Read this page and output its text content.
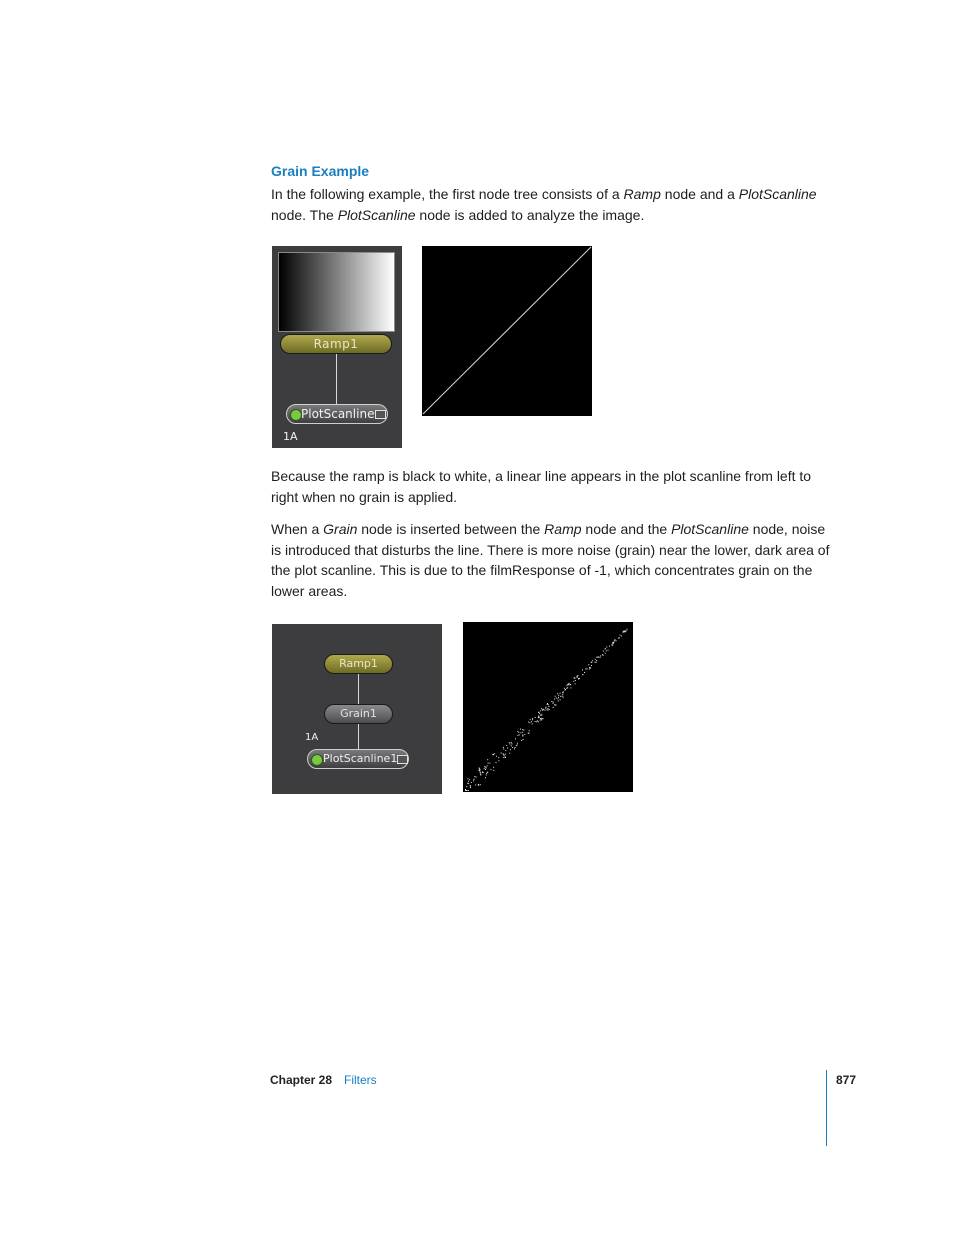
Grain Example

In the following example, the first node tree consists of a Ramp node and a PlotScanline node. The PlotScanline node is added to analyze the image.

Ramp1
PlotScanline
1A

Because the ramp is black to white, a linear line appears in the plot scanline from left to right when no grain is applied.

When a Grain node is inserted between the Ramp node and the PlotScanline node, noise is introduced that disturbs the line. There is more noise (grain) near the lower, dark area of the plot scanline. This is due to the filmResponse of -1, which concentrates grain on the lower areas.

Ramp1
Grain1
1A
PlotScanline1
Chapter 28 Filters	877
